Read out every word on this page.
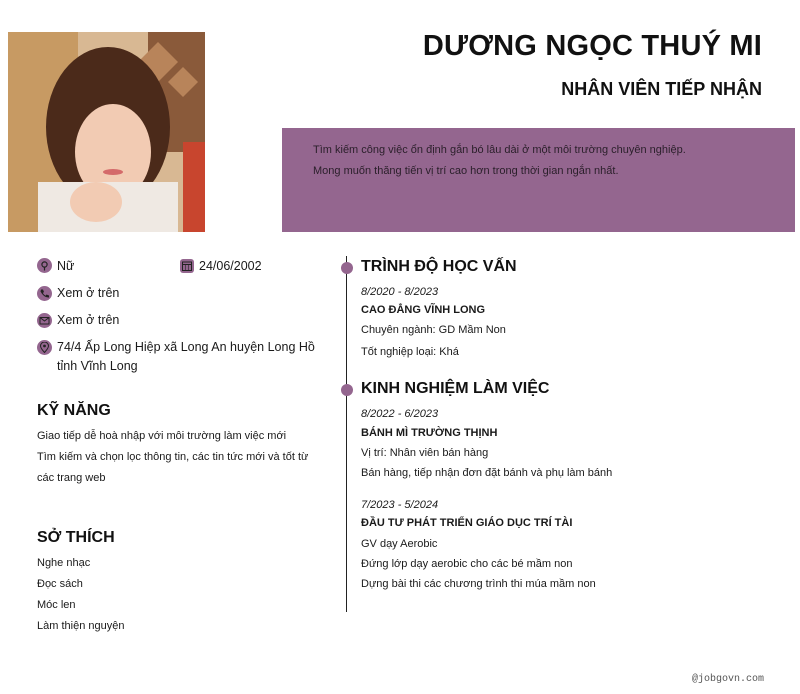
DƯƠNG NGỌC THUÝ MI
NHÂN VIÊN TIẾP NHẬN

Tìm kiếm công việc ổn định gắn bó lâu dài ở một môi trường chuyên nghiệp.

Mong muốn thăng tiến vị trí cao hơn trong thời gian ngắn nhất.

Nữ	24/06/2002
Xem ở trên
Xem ở trên
74/4 Ấp Long Hiệp xã Long An huyện Long Hồ
tỉnh Vĩnh Long
KỸ NĂNG
Giao tiếp dễ hoà nhập với môi trường làm việc mới
Tìm kiếm và chọn lọc thông tin, các tin tức mới và tốt từ
các trang web
SỞ THÍCH
Nghe nhạc
Đọc sách
Móc len
Làm thiện nguyện
TRÌNH ĐỘ HỌC VẤN
8/2020 - 8/2023
CAO ĐẲNG VĨNH LONG
Chuyên ngành: GD Mầm Non
Tốt nghiệp loại: Khá
KINH NGHIỆM LÀM VIỆC
8/2022 - 6/2023
BÁNH MÌ TRƯỜNG THỊNH
Vị trí: Nhân viên bán hàng
Bán hàng, tiếp nhận đơn đặt bánh và phụ làm bánh
7/2023 - 5/2024
ĐẦU TƯ PHÁT TRIỂN GIÁO DỤC TRÍ TÀI
GV dạy Aerobic
Đứng lớp dạy aerobic cho các bé mầm non
Dựng bài thi các chương trình thi múa mầm non
@jobgovn.com
